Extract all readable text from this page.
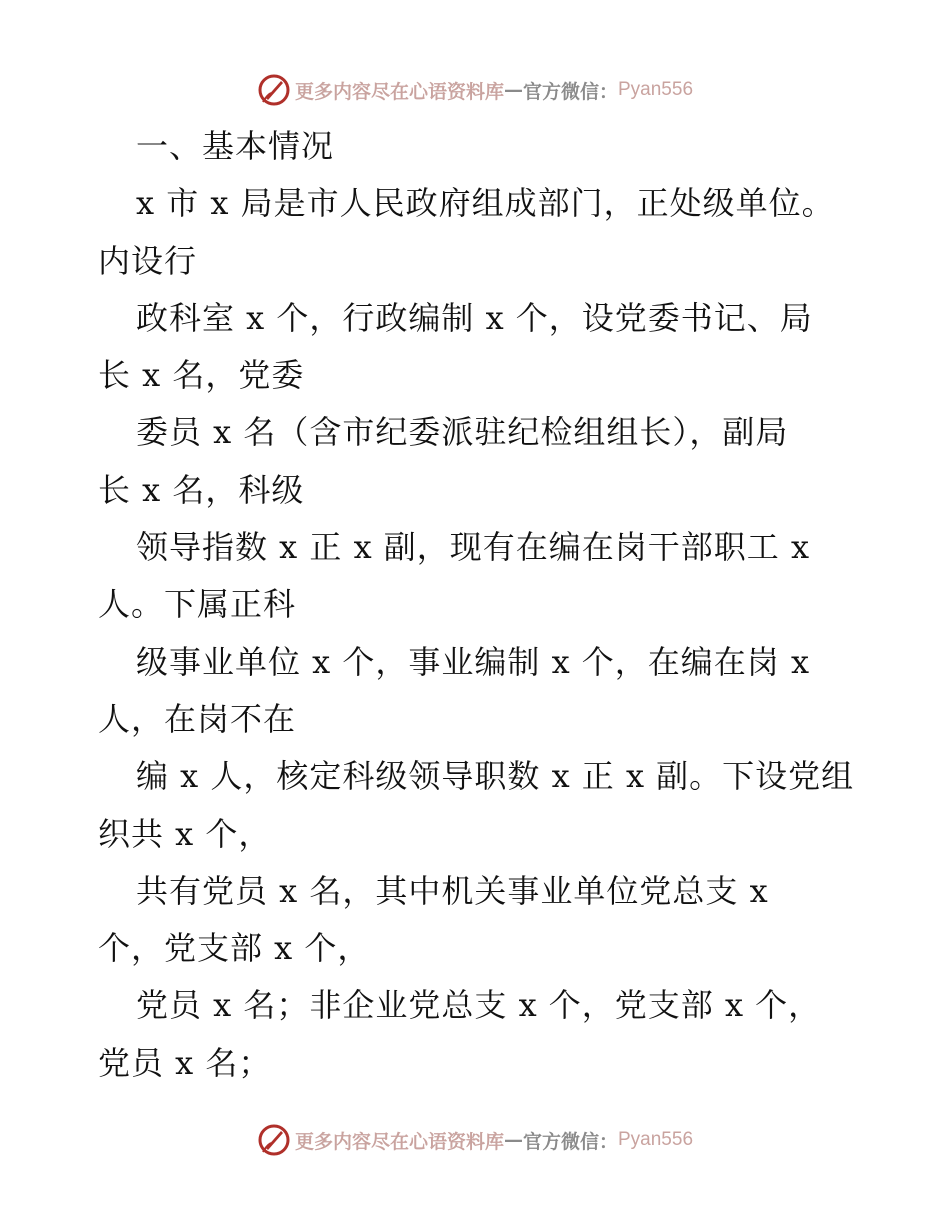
更多内容尽在心语资料库 — 官方微信： Pyan556
一、基本情况
x 市 x 局是市人民政府组成部门，正处级单位。
内设行
政科室 x 个，行政编制 x 个，设党委书记、局
长 x 名，党委
委员 x 名（含市纪委派驻纪检组组长），副局
长 x 名，科级
领导指数 x 正 x 副，现有在编在岗干部职工 x
人。下属正科
级事业单位 x 个，事业编制 x 个，在编在岗 x
人，在岗不在
编 x 人，核定科级领导职数 x 正 x 副。下设党组
织共 x 个，
共有党员 x 名，其中机关事业单位党总支 x
个，党支部 x 个，
党员 x 名；非企业党总支 x 个，党支部 x 个，
党员 x 名；
更多内容尽在心语资料库 — 官方微信： Pyan556
